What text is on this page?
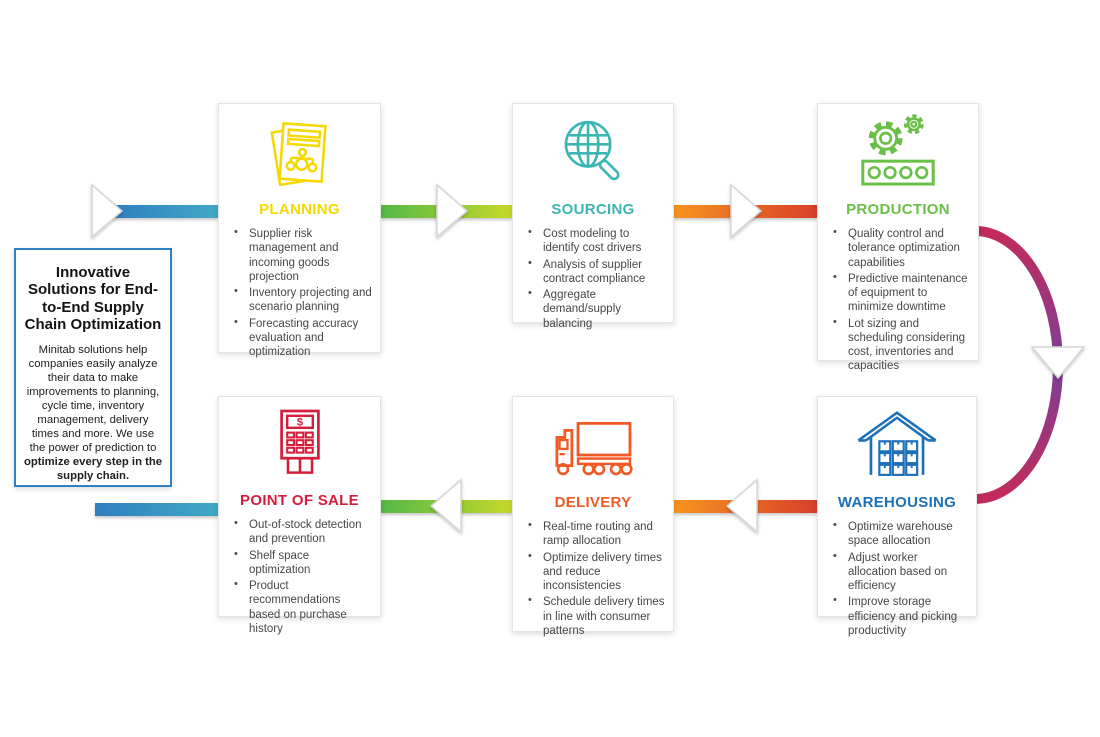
Innovative Solutions for End-to-End Supply Chain Optimization

Minitab solutions help companies easily analyze their data to make improvements to planning, cycle time, inventory management, delivery times and more. We use the power of prediction to optimize every step in the supply chain.

PLANNING
• Supplier risk management and incoming goods projection
• Inventory projecting and scenario planning
• Forecasting accuracy evaluation and optimization
SOURCING
• Cost modeling to identify cost drivers
• Analysis of supplier contract compliance
• Aggregate demand/supply balancing
PRODUCTION
• Quality control and tolerance optimization capabilities
• Predictive maintenance of equipment to minimize downtime
• Lot sizing and scheduling considering cost, inventories and capacities
$
POINT OF SALE
• Out-of-stock detection and prevention
• Shelf space optimization
• Product recommendations based on purchase history
DELIVERY
• Real-time routing and ramp allocation
• Optimize delivery times and reduce inconsistencies
• Schedule delivery times in line with consumer patterns
WAREHOUSING
• Optimize warehouse space allocation
• Adjust worker allocation based on efficiency
• Improve storage efficiency and picking productivity
